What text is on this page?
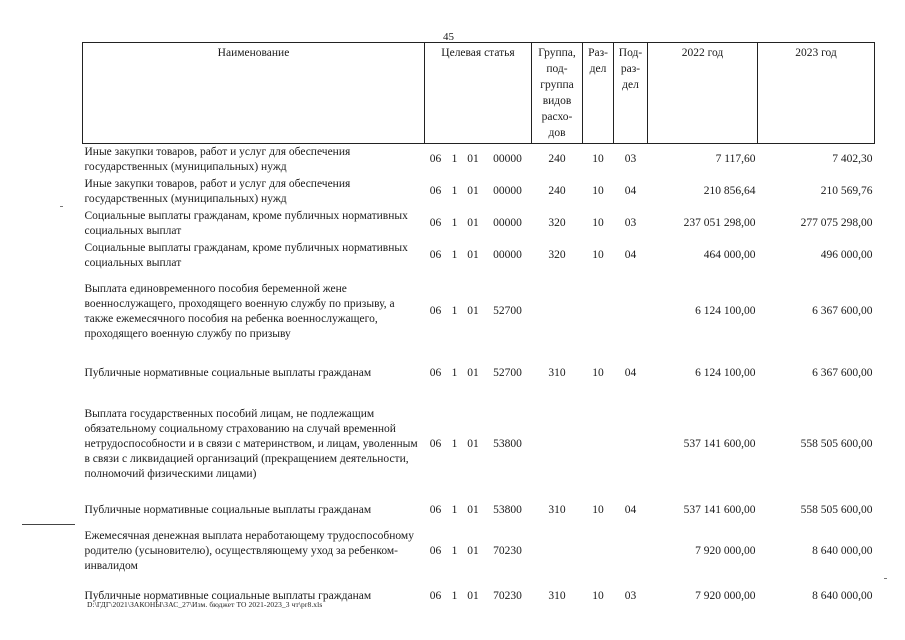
45
Наименование	Целевая статья				Группа, под-группа видов расхо-дов	Раз-дел	Под-раз-дел	2022 год	2023 год
Иные закупки товаров, работ и услуг для обеспечения государственных (муниципальных) нужд	06	1	01	00000	240	10	03	7 117,60	7 402,30
Иные закупки товаров, работ и услуг для обеспечения государственных (муниципальных) нужд	06	1	01	00000	240	10	04	210 856,64	210 569,76
Социальные выплаты гражданам, кроме публичных нормативных социальных выплат	06	1	01	00000	320	10	03	237 051 298,00	277 075 298,00
Социальные выплаты гражданам, кроме публичных нормативных социальных выплат	06	1	01	00000	320	10	04	464 000,00	496 000,00
Выплата единовременного пособия беременной жене военнослужащего, проходящего военную службу по призыву, а также ежемесячного пособия на ребенка военнослужащего, проходящего военную службу по призыву	06	1	01	52700				6 124 100,00	6 367 600,00
Публичные нормативные социальные выплаты гражданам	06	1	01	52700	310	10	04	6 124 100,00	6 367 600,00
Выплата государственных пособий лицам, не подлежащим обязательному социальному страхованию на случай временной нетрудоспособности и в связи с материнством, и лицам, уволенным в связи с ликвидацией организаций (прекращением деятельности, полномочий физическими лицами)	06	1	01	53800				537 141 600,00	558 505 600,00
Публичные нормативные социальные выплаты гражданам	06	1	01	53800	310	10	04	537 141 600,00	558 505 600,00
Ежемесячная денежная выплата неработающему трудоспособному родителю (усыновителю), осуществляющему уход за ребенком-инвалидом	06	1	01	70230				7 920 000,00	8 640 000,00
Публичные нормативные социальные выплаты гражданам	06	1	01	70230	310	10	03	7 920 000,00	8 640 000,00
D:\ГДГ\2021\ЗАКОНЫ\ЗАС_27\Изм. бюджет ТО 2021-2023_3 чт\pr8.xls
